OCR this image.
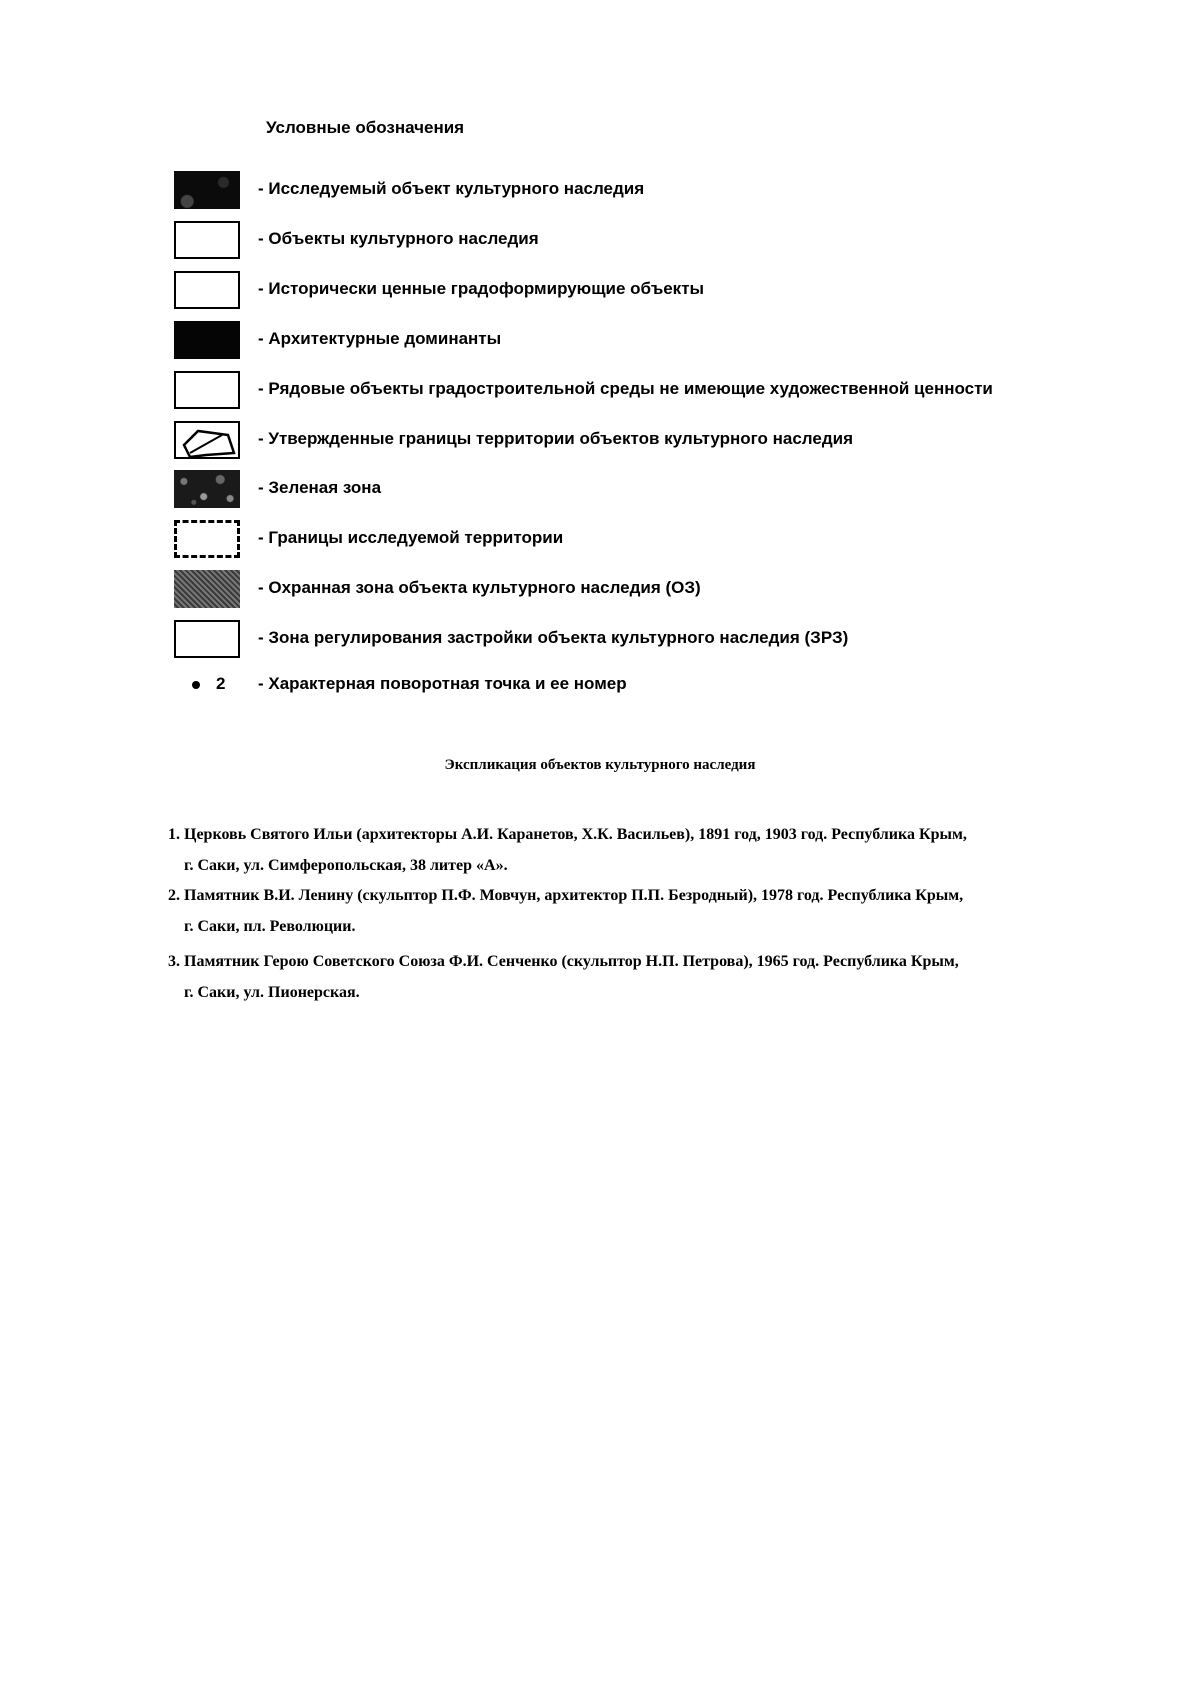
Условные обозначения
- Исследуемый объект культурного наследия
- Объекты культурного наследия
- Исторически ценные градоформирующие объекты
- Архитектурные доминанты
- Рядовые объекты градостроительной среды не имеющие художественной ценности
- Утвержденные границы территории объектов культурного наследия
- Зеленая зона
- Границы исследуемой территории
- Охранная зона объекта культурного наследия (ОЗ)
- Зона регулирования застройки объекта культурного наследия (ЗРЗ)
2 - Характерная поворотная точка и ее номер
Экспликация объектов культурного наследия
1. Церковь Святого Ильи (архитекторы А.И. Каранетов, Х.К. Васильев), 1891 год, 1903 год. Республика Крым,
г. Саки, ул. Симферопольская, 38 литер «А».
2. Памятник В.И. Ленину (скульптор П.Ф. Мовчун, архитектор П.П. Безродный), 1978 год. Республика Крым,
г. Саки, пл. Революции.
3. Памятник Герою Советского Союза Ф.И. Сенченко (скульптор Н.П. Петрова), 1965 год. Республика Крым,
г. Саки, ул. Пионерская.
